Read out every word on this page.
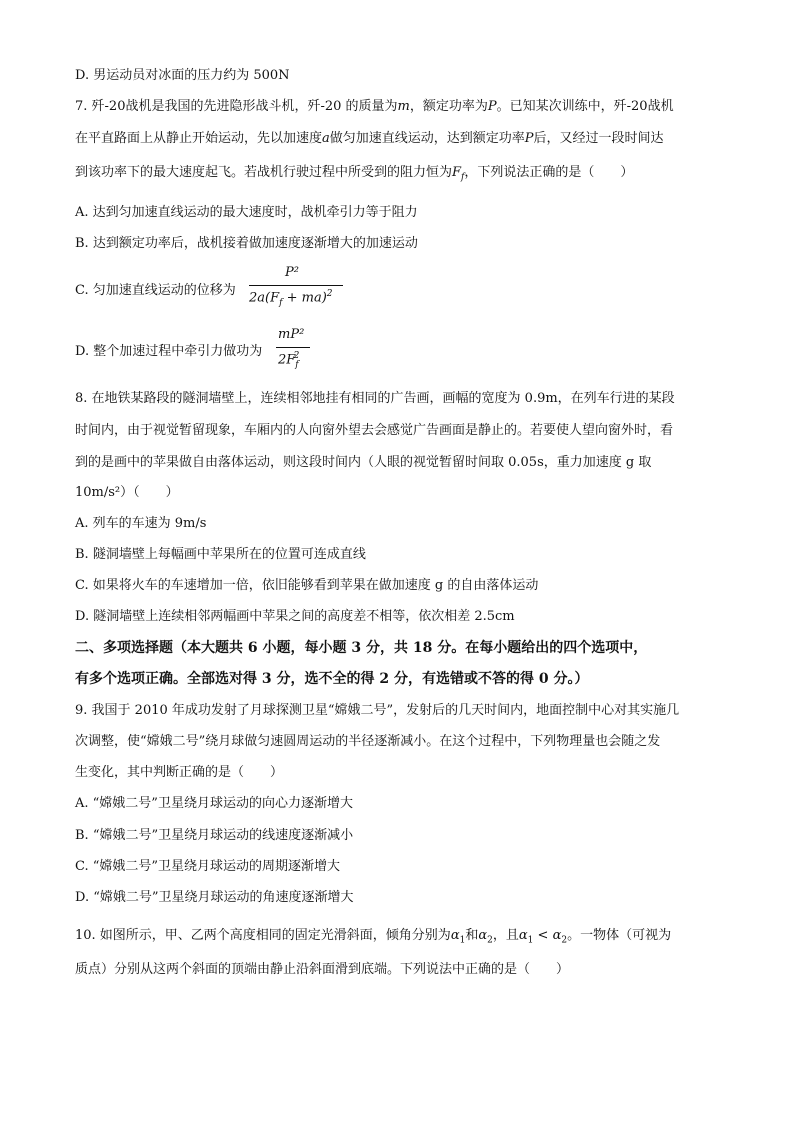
D. 男运动员对冰面的压力约为 500N
7. 歼-20战机是我国的先进隐形战斗机，歼-20 的质量为m，额定功率为P。已知某次训练中，歼-20战机
在平直路面上从静止开始运动，先以加速度a做匀加速直线运动，达到额定功率P后，又经过一段时间达
到该功率下的最大速度起飞。若战机行驶过程中所受到的阻力恒为$F_f$，下列说法正确的是（　　）
A. 达到匀加速直线运动的最大速度时，战机牵引力等于阻力
B. 达到额定功率后，战机接着做加速度逐渐增大的加速运动
C. 匀加速直线运动的位移为
P²
$2a(F_f + ma)^2$
D. 整个加速过程中牵引力做功为
mP²
$2F_f^2$
8. 在地铁某路段的隧洞墙壁上，连续相邻地挂有相同的广告画，画幅的宽度为 0.9m，在列车行进的某段
时间内，由于视觉暂留现象，车厢内的人向窗外望去会感觉广告画面是静止的。若要使人望向窗外时，看
到的是画中的苹果做自由落体运动，则这段时间内（人眼的视觉暂留时间取 0.05s，重力加速度 g 取
10m/s²）（　　）
A. 列车的车速为 9m/s
B. 隧洞墙壁上每幅画中苹果所在的位置可连成直线
C. 如果将火车的车速增加一倍，依旧能够看到苹果在做加速度 g 的自由落体运动
D. 隧洞墙壁上连续相邻两幅画中苹果之间的高度差不相等，依次相差 2.5cm
二、多项选择题（本大题共 6 小题，每小题 3 分，共 18 分。在每小题给出的四个选项中，
有多个选项正确。全部选对得 3 分，选不全的得 2 分，有选错或不答的得 0 分。）
9. 我国于 2010 年成功发射了月球探测卫星“嫦娥二号”，发射后的几天时间内，地面控制中心对其实施几
次调整，使“嫦娥二号”绕月球做匀速圆周运动的半径逐渐减小。在这个过程中，下列物理量也会随之发
生变化，其中判断正确的是（　　）
A. “嫦娥二号”卫星绕月球运动的向心力逐渐增大
B. “嫦娥二号”卫星绕月球运动的线速度逐渐减小
C. “嫦娥二号”卫星绕月球运动的周期逐渐增大
D. “嫦娥二号”卫星绕月球运动的角速度逐渐增大
10. 如图所示，甲、乙两个高度相同的固定光滑斜面，倾角分别为$\alpha_1$和$\alpha_2$，且$\alpha_1 < \alpha_2$。一物体（可视为
质点）分别从这两个斜面的顶端由静止沿斜面滑到底端。下列说法中正确的是（　　）
